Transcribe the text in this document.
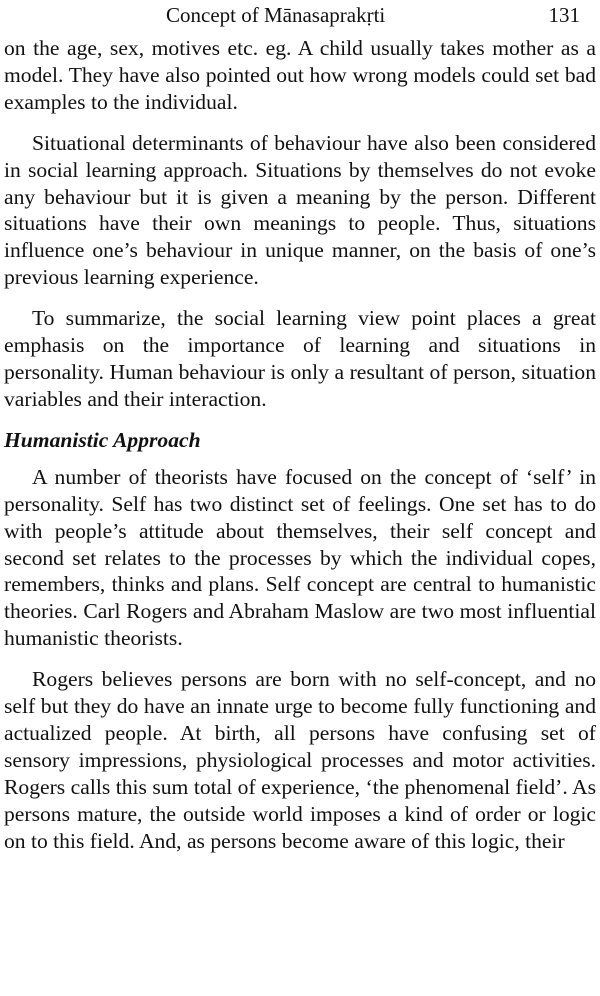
Concept of Mānasaprakṛti	131

on the age, sex, motives etc. eg. A child usually takes mother as a model. They have also pointed out how wrong models could set bad examples to the individual.

Situational determinants of behaviour have also been considered in social learning approach. Situations by themselves do not evoke any behaviour but it is given a meaning by the person. Different situations have their own meanings to people. Thus, situations influence one’s behaviour in unique manner, on the basis of one’s previous learning experience.

To summarize, the social learning view point places a great emphasis on the importance of learning and situations in personality. Human behaviour is only a resultant of person, situation variables and their interaction.

Humanistic Approach

A number of theorists have focused on the concept of ‘self’ in personality. Self has two distinct set of feelings. One set has to do with people’s attitude about themselves, their self concept and second set relates to the processes by which the individual copes, remembers, thinks and plans. Self concept are central to humanistic theories. Carl Rogers and Abraham Maslow are two most influential humanistic theorists.

Rogers believes persons are born with no self-concept, and no self but they do have an innate urge to become fully functioning and actualized people. At birth, all persons have confusing set of sensory impressions, physiological processes and motor activities. Rogers calls this sum total of experience, ‘the phenomenal field’. As persons mature, the outside world imposes a kind of order or logic on to this field. And, as persons become aware of this logic, their
